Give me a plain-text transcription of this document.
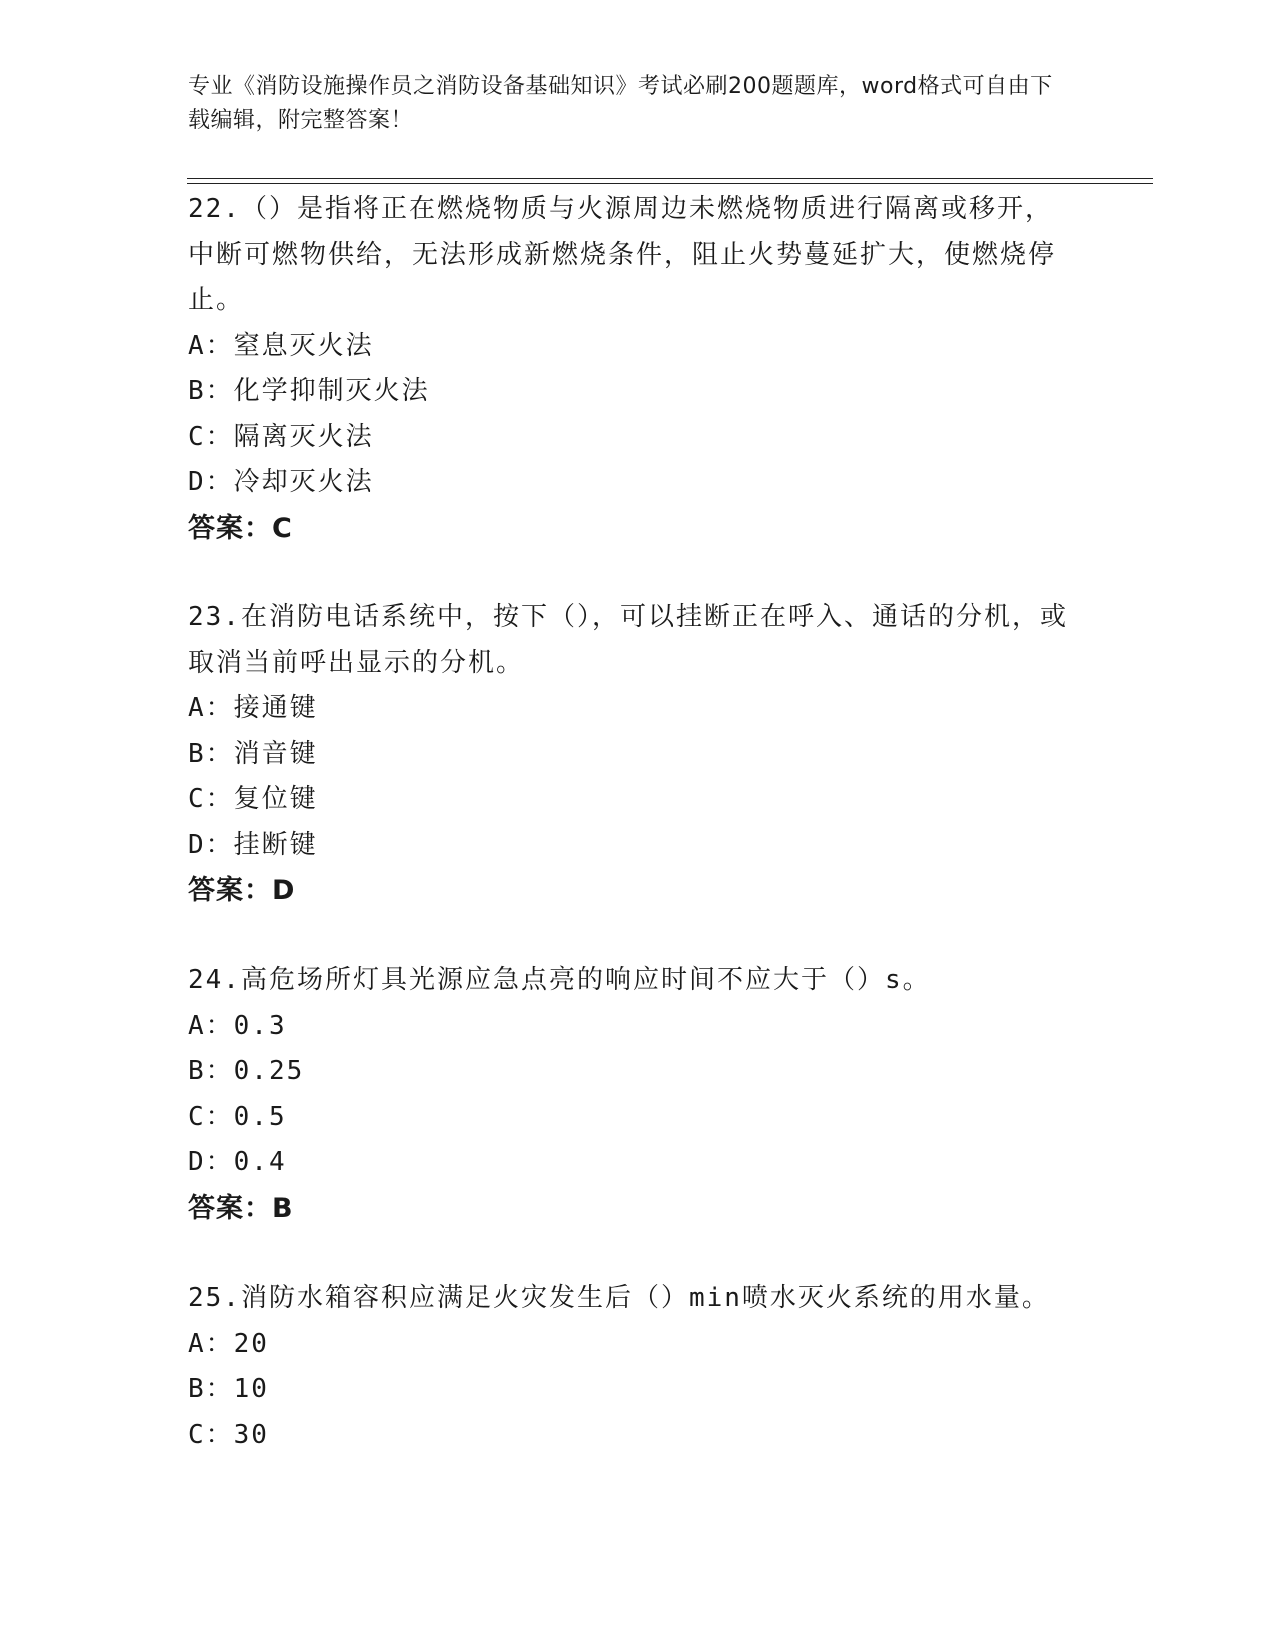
专业《消防设施操作员之消防设备基础知识》考试必刷200题题库，word格式可自由下载编辑，附完整答案！
22.（）是指将正在燃烧物质与火源周边未燃烧物质进行隔离或移开，中断可燃物供给，无法形成新燃烧条件，阻止火势蔓延扩大，使燃烧停止。
A：窒息灭火法
B：化学抑制灭火法
C：隔离灭火法
D：冷却灭火法
答案：C
23.在消防电话系统中，按下（），可以挂断正在呼入、通话的分机，或取消当前呼出显示的分机。
A：接通键
B：消音键
C：复位键
D：挂断键
答案：D
24.高危场所灯具光源应急点亮的响应时间不应大于（）s。
A：0.3
B：0.25
C：0.5
D：0.4
答案：B
25.消防水箱容积应满足火灾发生后（）min喷水灭火系统的用水量。
A：20
B：10
C：30
